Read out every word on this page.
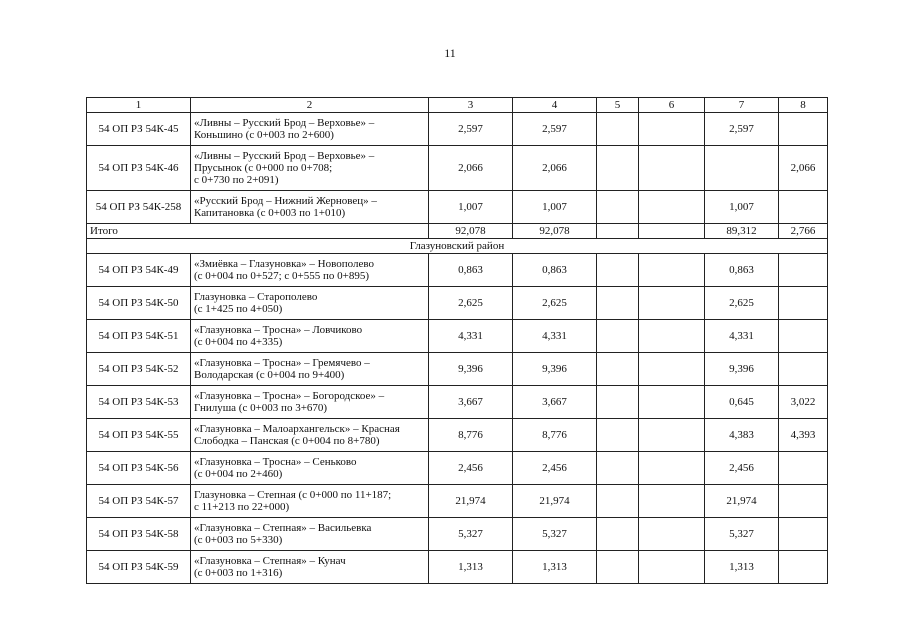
11
1	2	3	4	5	6	7	8
54 ОП РЗ 54К-45	«Ливны – Русский Брод – Верховье» –
Коньшино (с 0+003 по 2+600)	2,597	2,597			2,597	
54 ОП РЗ 54К-46	«Ливны – Русский Брод – Верховье» –
Прусынок (с 0+000 по 0+708;
с 0+730 по 2+091)	2,066	2,066				2,066
54 ОП РЗ 54К-258	«Русский Брод – Нижний Жерновец» –
Капитановка (с 0+003 по 1+010)	1,007	1,007			1,007	
Итого		92,078	92,078			89,312	2,766
Глазуновский район							
54 ОП РЗ 54К-49	«Змиёвка – Глазуновка» – Новополево
(с 0+004 по 0+527; с 0+555 по 0+895)	0,863	0,863			0,863	
54 ОП РЗ 54К-50	Глазуновка – Старополево
(с 1+425 по 4+050)	2,625	2,625			2,625	
54 ОП РЗ 54К-51	«Глазуновка – Тросна» – Ловчиково
(с 0+004 по 4+335)	4,331	4,331			4,331	
54 ОП РЗ 54К-52	«Глазуновка – Тросна» – Гремячево –
Володарская (с 0+004 по 9+400)	9,396	9,396			9,396	
54 ОП РЗ 54К-53	«Глазуновка – Тросна» – Богородское» –
Гнилуша (с 0+003 по 3+670)	3,667	3,667			0,645	3,022
54 ОП РЗ 54К-55	«Глазуновка – Малоархангельск» – Красная
Слободка – Панская (с 0+004 по 8+780)	8,776	8,776			4,383	4,393
54 ОП РЗ 54К-56	«Глазуновка – Тросна» – Сеньково
(с 0+004 по 2+460)	2,456	2,456			2,456	
54 ОП РЗ 54К-57	Глазуновка – Степная (с 0+000 по 11+187;
с 11+213 по 22+000)	21,974	21,974			21,974	
54 ОП РЗ 54К-58	«Глазуновка – Степная» – Васильевка
(с 0+003 по 5+330)	5,327	5,327			5,327	
54 ОП РЗ 54К-59	«Глазуновка – Степная» – Кунач
(с 0+003 по 1+316)	1,313	1,313			1,313	
